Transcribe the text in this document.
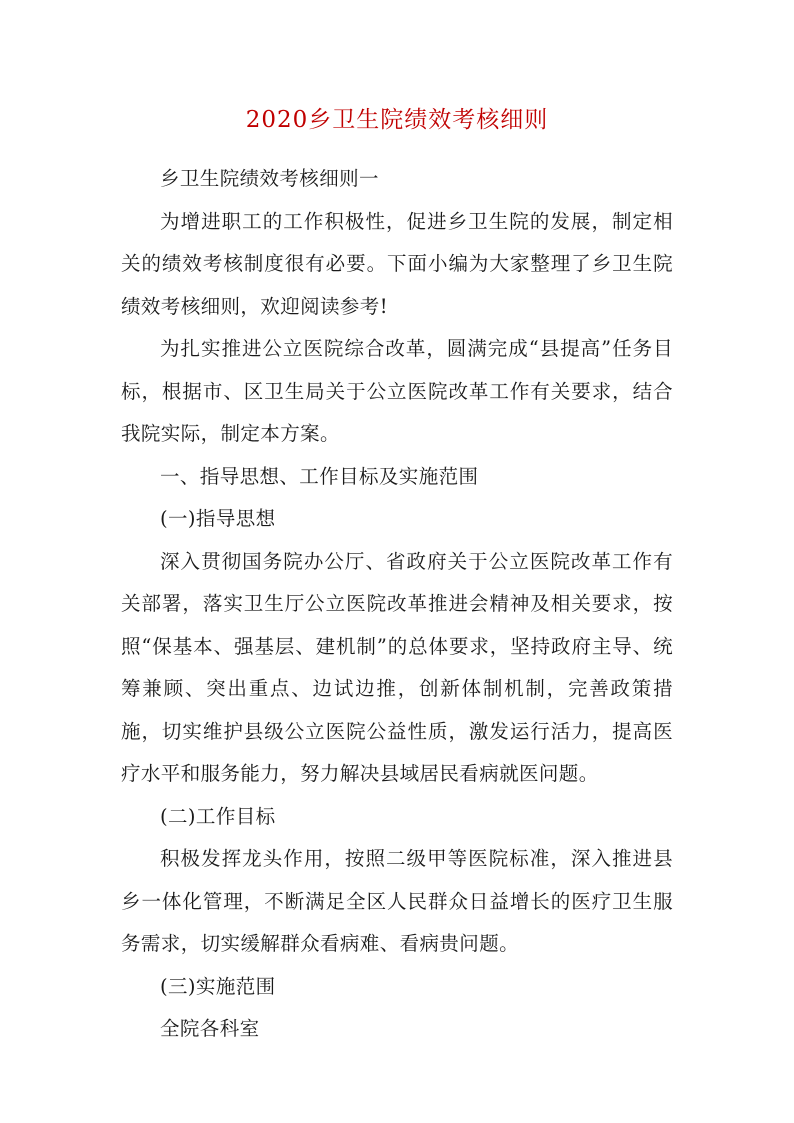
2020乡卫生院绩效考核细则

乡卫生院绩效考核细则一

为增进职工的工作积极性，促进乡卫生院的发展，制定相关的绩效考核制度很有必要。下面小编为大家整理了乡卫生院绩效考核细则，欢迎阅读参考!

为扎实推进公立医院综合改革，圆满完成“县提高”任务目标，根据市、区卫生局关于公立医院改革工作有关要求，结合我院实际，制定本方案。

一、指导思想、工作目标及实施范围

(一)指导思想

深入贯彻国务院办公厅、省政府关于公立医院改革工作有关部署，落实卫生厅公立医院改革推进会精神及相关要求，按照“保基本、强基层、建机制”的总体要求，坚持政府主导、统筹兼顾、突出重点、边试边推，创新体制机制，完善政策措施，切实维护县级公立医院公益性质，激发运行活力，提高医疗水平和服务能力，努力解决县域居民看病就医问题。

(二)工作目标

积极发挥龙头作用，按照二级甲等医院标准，深入推进县乡一体化管理，不断满足全区人民群众日益增长的医疗卫生服务需求，切实缓解群众看病难、看病贵问题。

(三)实施范围

全院各科室
